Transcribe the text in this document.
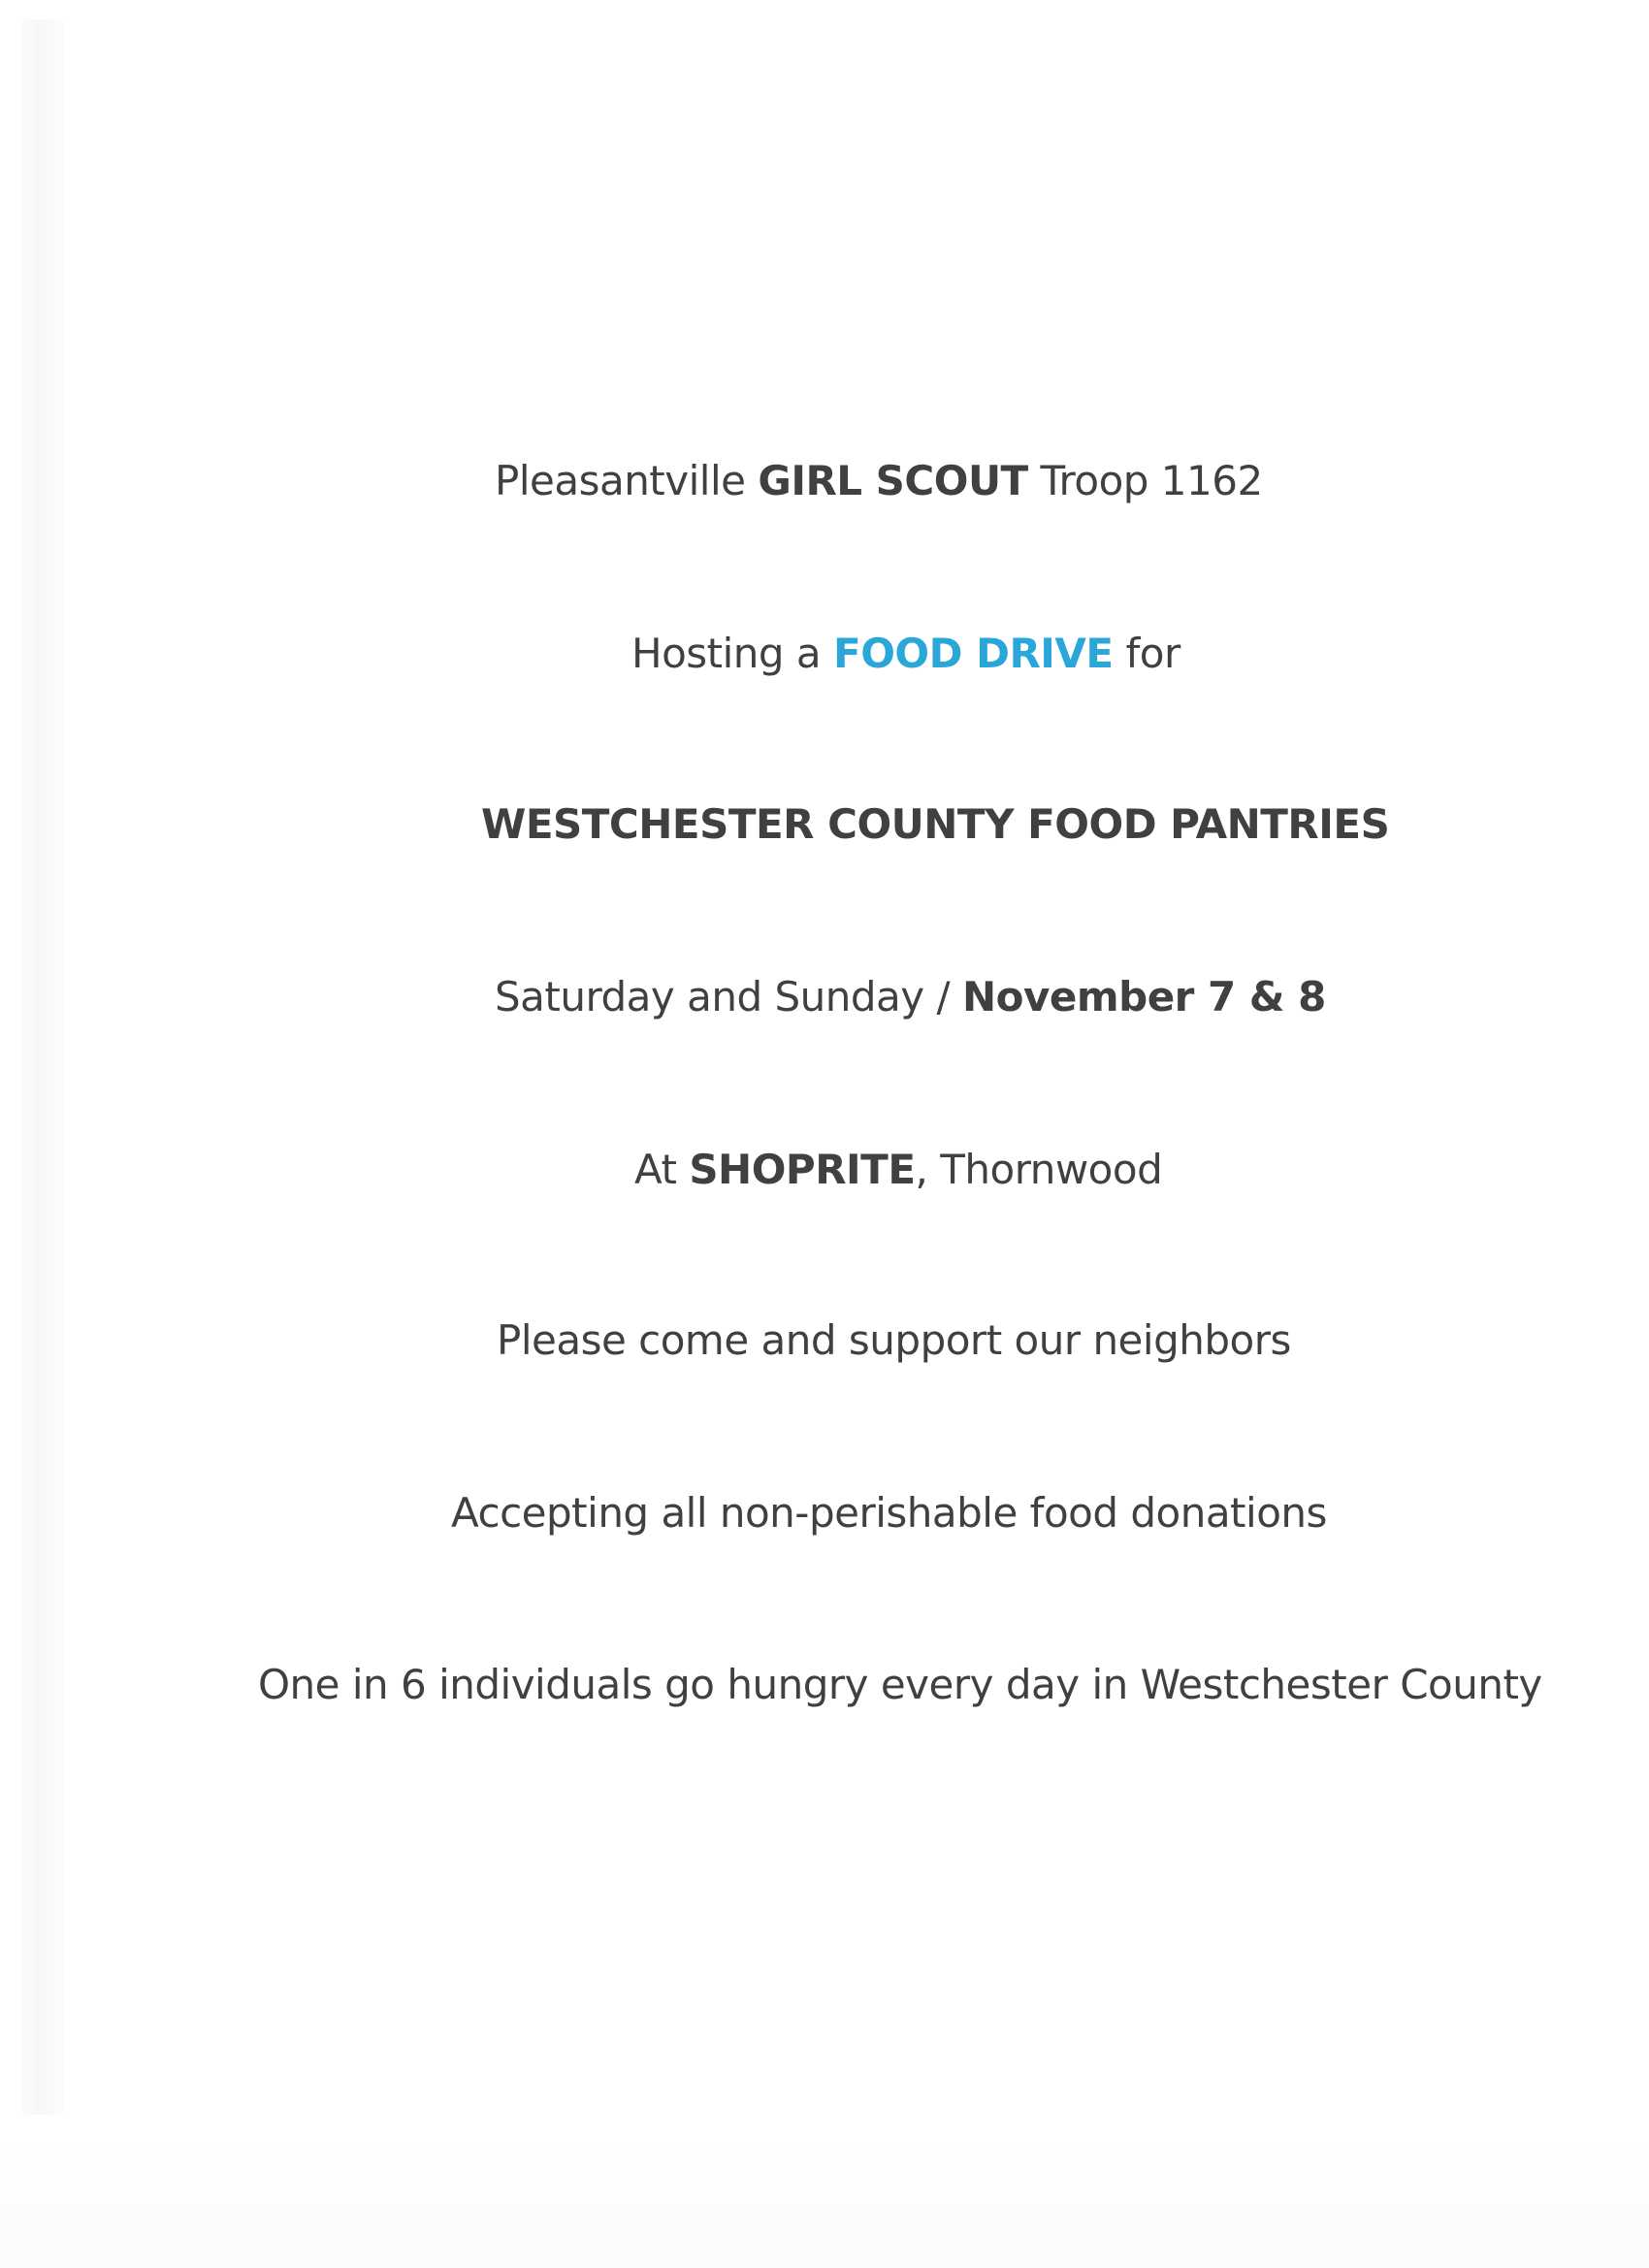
Pleasantville GIRL SCOUT Troop 1162

Hosting a FOOD DRIVE for

WESTCHESTER COUNTY FOOD PANTRIES

Saturday and Sunday / November 7 & 8

At SHOPRITE, Thornwood

Please come and support our neighbors

Accepting all non-perishable food donations

One in 6 individuals go hungry every day in Westchester County
